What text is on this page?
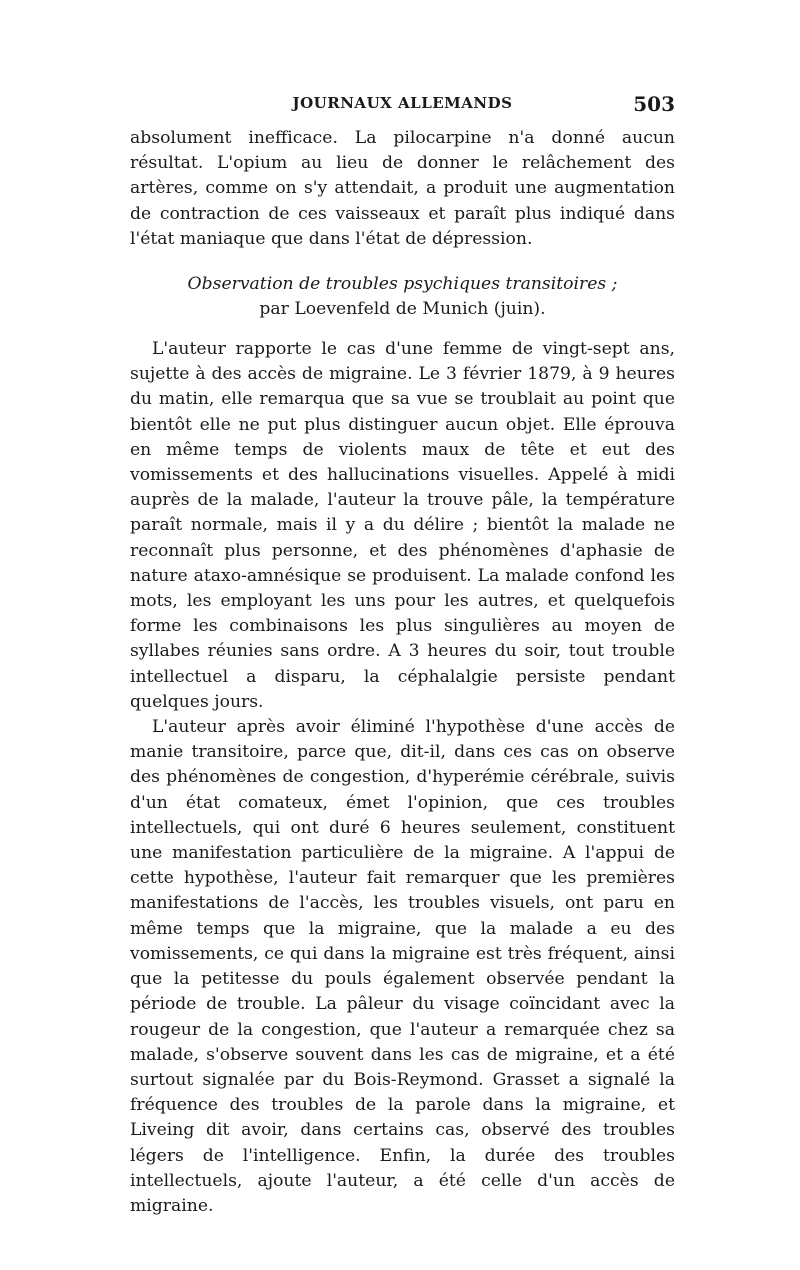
JOURNAUX ALLEMANDS	503

absolument inefficace. La pilocarpine n'a donné aucun résultat. L'opium au lieu de donner le relâchement des artères, comme on s'y attendait, a produit une augmentation de contraction de ces vaisseaux et paraît plus indiqué dans l'état maniaque que dans l'état de dépression.

Observation de troubles psychiques transitoires ;
par Loevenfeld de Munich (juin).

L'auteur rapporte le cas d'une femme de vingt-sept ans, sujette à des accès de migraine. Le 3 février 1879, à 9 heures du matin, elle remarqua que sa vue se troublait au point que bientôt elle ne put plus distinguer aucun objet. Elle éprouva en même temps de violents maux de tête et eut des vomissements et des hallucinations visuelles. Appelé à midi auprès de la malade, l'auteur la trouve pâle, la température paraît normale, mais il y a du délire ; bientôt la malade ne reconnaît plus personne, et des phénomènes d'aphasie de nature ataxo-amnésique se produisent. La malade confond les mots, les employant les uns pour les autres, et quelquefois forme les combinaisons les plus singulières au moyen de syllabes réunies sans ordre. A 3 heures du soir, tout trouble intellectuel a disparu, la céphalalgie persiste pendant quelques jours.

L'auteur après avoir éliminé l'hypothèse d'une accès de manie transitoire, parce que, dit-il, dans ces cas on observe des phénomènes de congestion, d'hyperémie cérébrale, suivis d'un état comateux, émet l'opinion, que ces troubles intellectuels, qui ont duré 6 heures seulement, constituent une manifestation particulière de la migraine. A l'appui de cette hypothèse, l'auteur fait remarquer que les premières manifestations de l'accès, les troubles visuels, ont paru en même temps que la migraine, que la malade a eu des vomissements, ce qui dans la migraine est très fréquent, ainsi que la petitesse du pouls également observée pendant la période de trouble. La pâleur du visage coïncidant avec la rougeur de la congestion, que l'auteur a remarquée chez sa malade, s'observe souvent dans les cas de migraine, et a été surtout signalée par du Bois-Reymond. Grasset a signalé la fréquence des troubles de la parole dans la migraine, et Liveing dit avoir, dans certains cas, observé des troubles légers de l'intelligence. Enfin, la durée des troubles intellectuels, ajoute l'auteur, a été celle d'un accès de migraine.
